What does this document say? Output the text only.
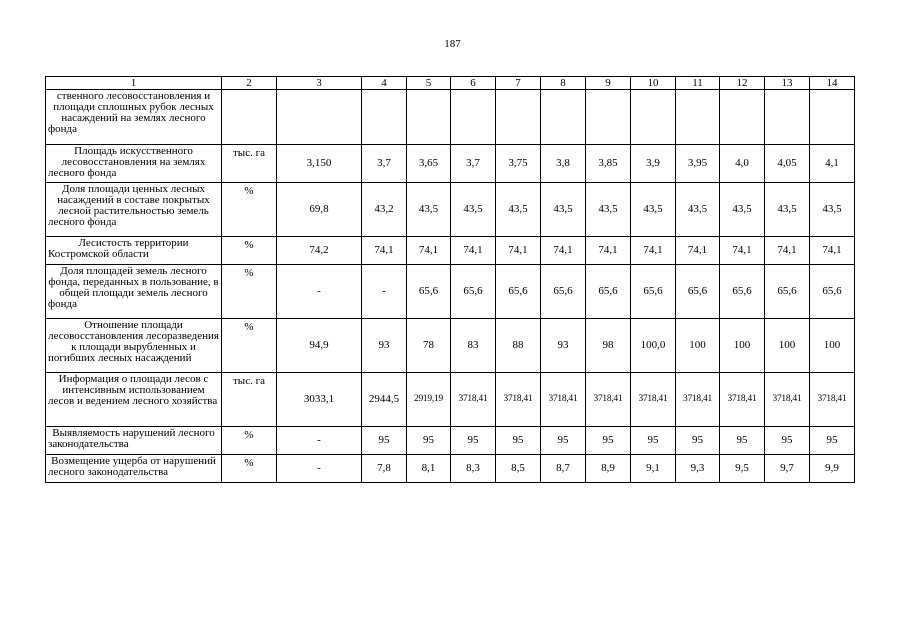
187
1	2	3	4	5	6	7	8	9	10	11	12	13	14
ственного лесовосстановления и площади сплошных рубок лесных насаждений на землях лесного фонда													
Площадь искусственного лесовосстановления на землях лесного фонда	тыс. га	3,150	3,7	3,65	3,7	3,75	3,8	3,85	3,9	3,95	4,0	4,05	4,1
Доля площади ценных лесных насаждений в составе покрытых лесной растительностью земель лесного фонда	%	69,8	43,2	43,5	43,5	43,5	43,5	43,5	43,5	43,5	43,5	43,5	43,5
Лесистость территории Костромской области	%	74,2	74,1	74,1	74,1	74,1	74,1	74,1	74,1	74,1	74,1	74,1	74,1
Доля площадей земель лесного фонда, переданных в пользование, в общей площади земель лесного фонда	%	-	-	65,6	65,6	65,6	65,6	65,6	65,6	65,6	65,6	65,6	65,6
Отношение площади лесовосстановления лесоразведения к площади вырубленных и погибших лесных насаждений	%	94,9	93	78	83	88	93	98	100,0	100	100	100	100
Информация о площади лесов с интенсивным использованием лесов и ведением лесного хозяйства	тыс. га	3033,1	2944,5	2919,19	3718,41	3718,41	3718,41	3718,41	3718,41	3718,41	3718,41	3718,41	3718,41
Выявляемость нарушений лесного законодательства	%	-	95	95	95	95	95	95	95	95	95	95	95
Возмещение ущерба от нарушений лесного законодательства	%	-	7,8	8,1	8,3	8,5	8,7	8,9	9,1	9,3	9,5	9,7	9,9
